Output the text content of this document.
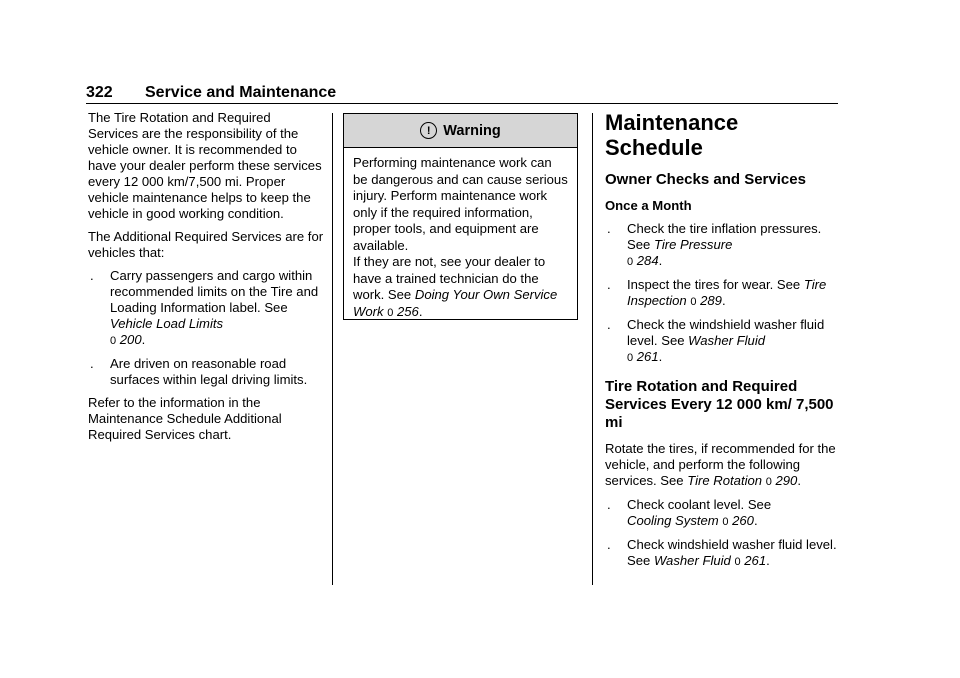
322 Service and Maintenance

The Tire Rotation and Required Services are the responsibility of the vehicle owner. It is recommended to have your dealer perform these services every 12 000 km/7,500 mi. Proper vehicle maintenance helps to keep the vehicle in good working condition.

The Additional Required Services are for vehicles that:

. Carry passengers and cargo within recommended limits on the Tire and Loading Information label. See Vehicle Load Limits
0 200.
. Are driven on reasonable road surfaces within legal driving limits.

Refer to the information in the Maintenance Schedule Additional Required Services chart.

! Warning

Performing maintenance work can be dangerous and can cause serious injury. Perform maintenance work only if the required information, proper tools, and equipment are available.

If they are not, see your dealer to have a trained technician do the work. See Doing Your Own Service Work 0 256.

Maintenance Schedule
Owner Checks and Services
Once a Month
. Check the tire inflation pressures. See Tire Pressure
0 284.
. Inspect the tires for wear. See Tire Inspection 0 289.
. Check the windshield washer fluid level. See Washer Fluid
0 261.
Tire Rotation and Required Services Every 12 000 km/ 7,500 mi

Rotate the tires, if recommended for the vehicle, and perform the following services. See Tire Rotation 0 290.

. Check coolant level. See
Cooling System 0 260.
. Check windshield washer fluid level. See Washer Fluid 0 261.
